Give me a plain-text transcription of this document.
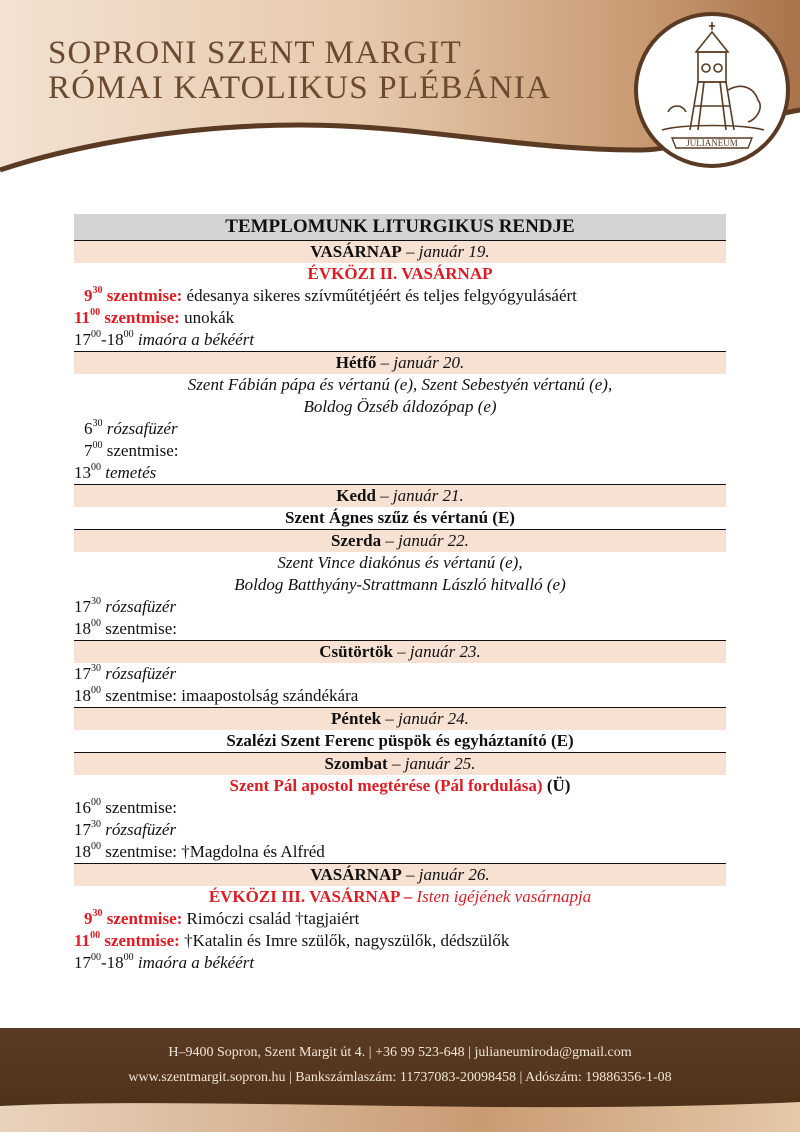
SOPRONI SZENT MARGIT
RÓMAI KATOLIKUS PLÉBÁNIA
JULIANEUM
TEMPLOMUNK LITURGIKUS RENDJE
VASÁRNAP – január 19.
ÉVKÖZI II. VASÁRNAP
$9^{30}$ szentmise: édesanya sikeres szívműtétjéért és teljes felgyógyulásáért
$11^{00}$ szentmise: unokák
$17^{00}-18^{00}$ imaóra a békéért
Hétfő – január 20.
Szent Fábián pápa és vértanú (e), Szent Sebestyén vértanú (e),
Boldog Özséb áldozópap (e)
$6^{30}$ rózsafüzér
$7^{00}$ szentmise:
$13^{00}$ temetés
Kedd – január 21.
Szent Ágnes szűz és vértanú (E)
Szerda – január 22.
Szent Vince diakónus és vértanú (e),
Boldog Batthyány-Strattmann László hitvalló (e)
$17^{30}$ rózsafüzér
$18^{00}$ szentmise:
Csütörtök – január 23.
$17^{30}$ rózsafüzér
$18^{00}$ szentmise: imaapostolság szándékára
Péntek – január 24.
Szalézi Szent Ferenc püspök és egyháztanító (E)
Szombat – január 25.
Szent Pál apostol megtérése (Pál fordulása) (Ü)
$16^{00}$ szentmise:
$17^{30}$ rózsafüzér
$18^{00}$ szentmise: †Magdolna és Alfréd
VASÁRNAP – január 26.
ÉVKÖZI III. VASÁRNAP – Isten igéjének vasárnapja
$9^{30}$ szentmise: Rimóczi család †tagjaiért
$11^{00}$ szentmise: †Katalin és Imre szülők, nagyszülők, dédszülők
$17^{00}-18^{00}$ imaóra a békéért
H–9400 Sopron, Szent Margit út 4. | +36 99 523-648 | julianeumiroda@gmail.com
www.szentmargit.sopron.hu | Bankszámlaszám: 11737083-20098458 | Adószám: 19886356-1-08
